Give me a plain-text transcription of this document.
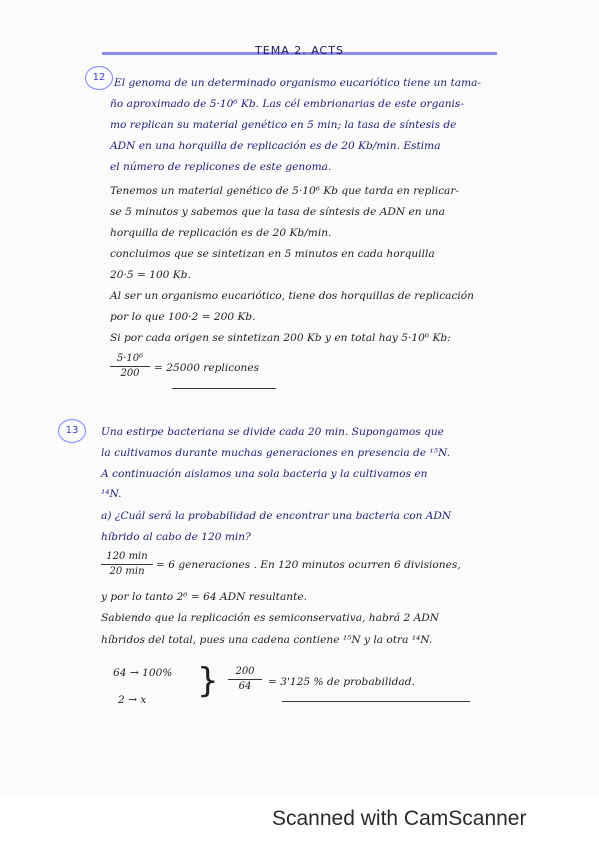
TEMA 2. ACTS
12 El genoma de un determinado organismo eucariótico tiene un tama-
ño aproximado de 5·10⁶ Kb. Las cél embrionarias de este organis-
mo replican su material genético en 5 min; la tasa de síntesis de
ADN en una horquilla de replicación es de 20 Kb/min. Estima
el número de replicones de este genoma.
Tenemos un material genético de 5·10⁶ Kb que tarda en replicar-
se 5 minutos y sabemos que la tasa de síntesis de ADN en una
horquilla de replicación es de 20 Kb/min.
concluimos que se sintetizan en 5 minutos en cada horquilla
20·5 = 100 Kb.
Al ser un organismo eucariótico, tiene dos horquillas de replicación
por lo que 100·2 = 200 Kb.
Si por cada origen se sintetizan 200 Kb y en total hay 5·10⁶ Kb:
5·10⁶
200	= 25000 replicones
13	Una estirpe bacteriana se divide cada 20 min. Supongamos que
la cultivamos durante muchas generaciones en presencia de ¹⁵N.
A continuación aislamos una sola bacteria y la cultivamos en
¹⁴N.
a) ¿Cuál será la probabilidad de encontrar una bacteria con ADN
híbrido al cabo de 120 min?
120 min
20 min
= 6 generaciones . En 120 minutos ocurren 6 divisiones,
y por lo tanto 2⁶ = 64 ADN resultante.
Sabiendo que la replicación es semiconservativa, habrá 2 ADN
híbridos del total, pues una cadena contiene ¹⁵N y la otra ¹⁴N.
64 → 100%
2 → x }	200
64	= 3'125 % de probabilidad.
Scanned with CamScanner
